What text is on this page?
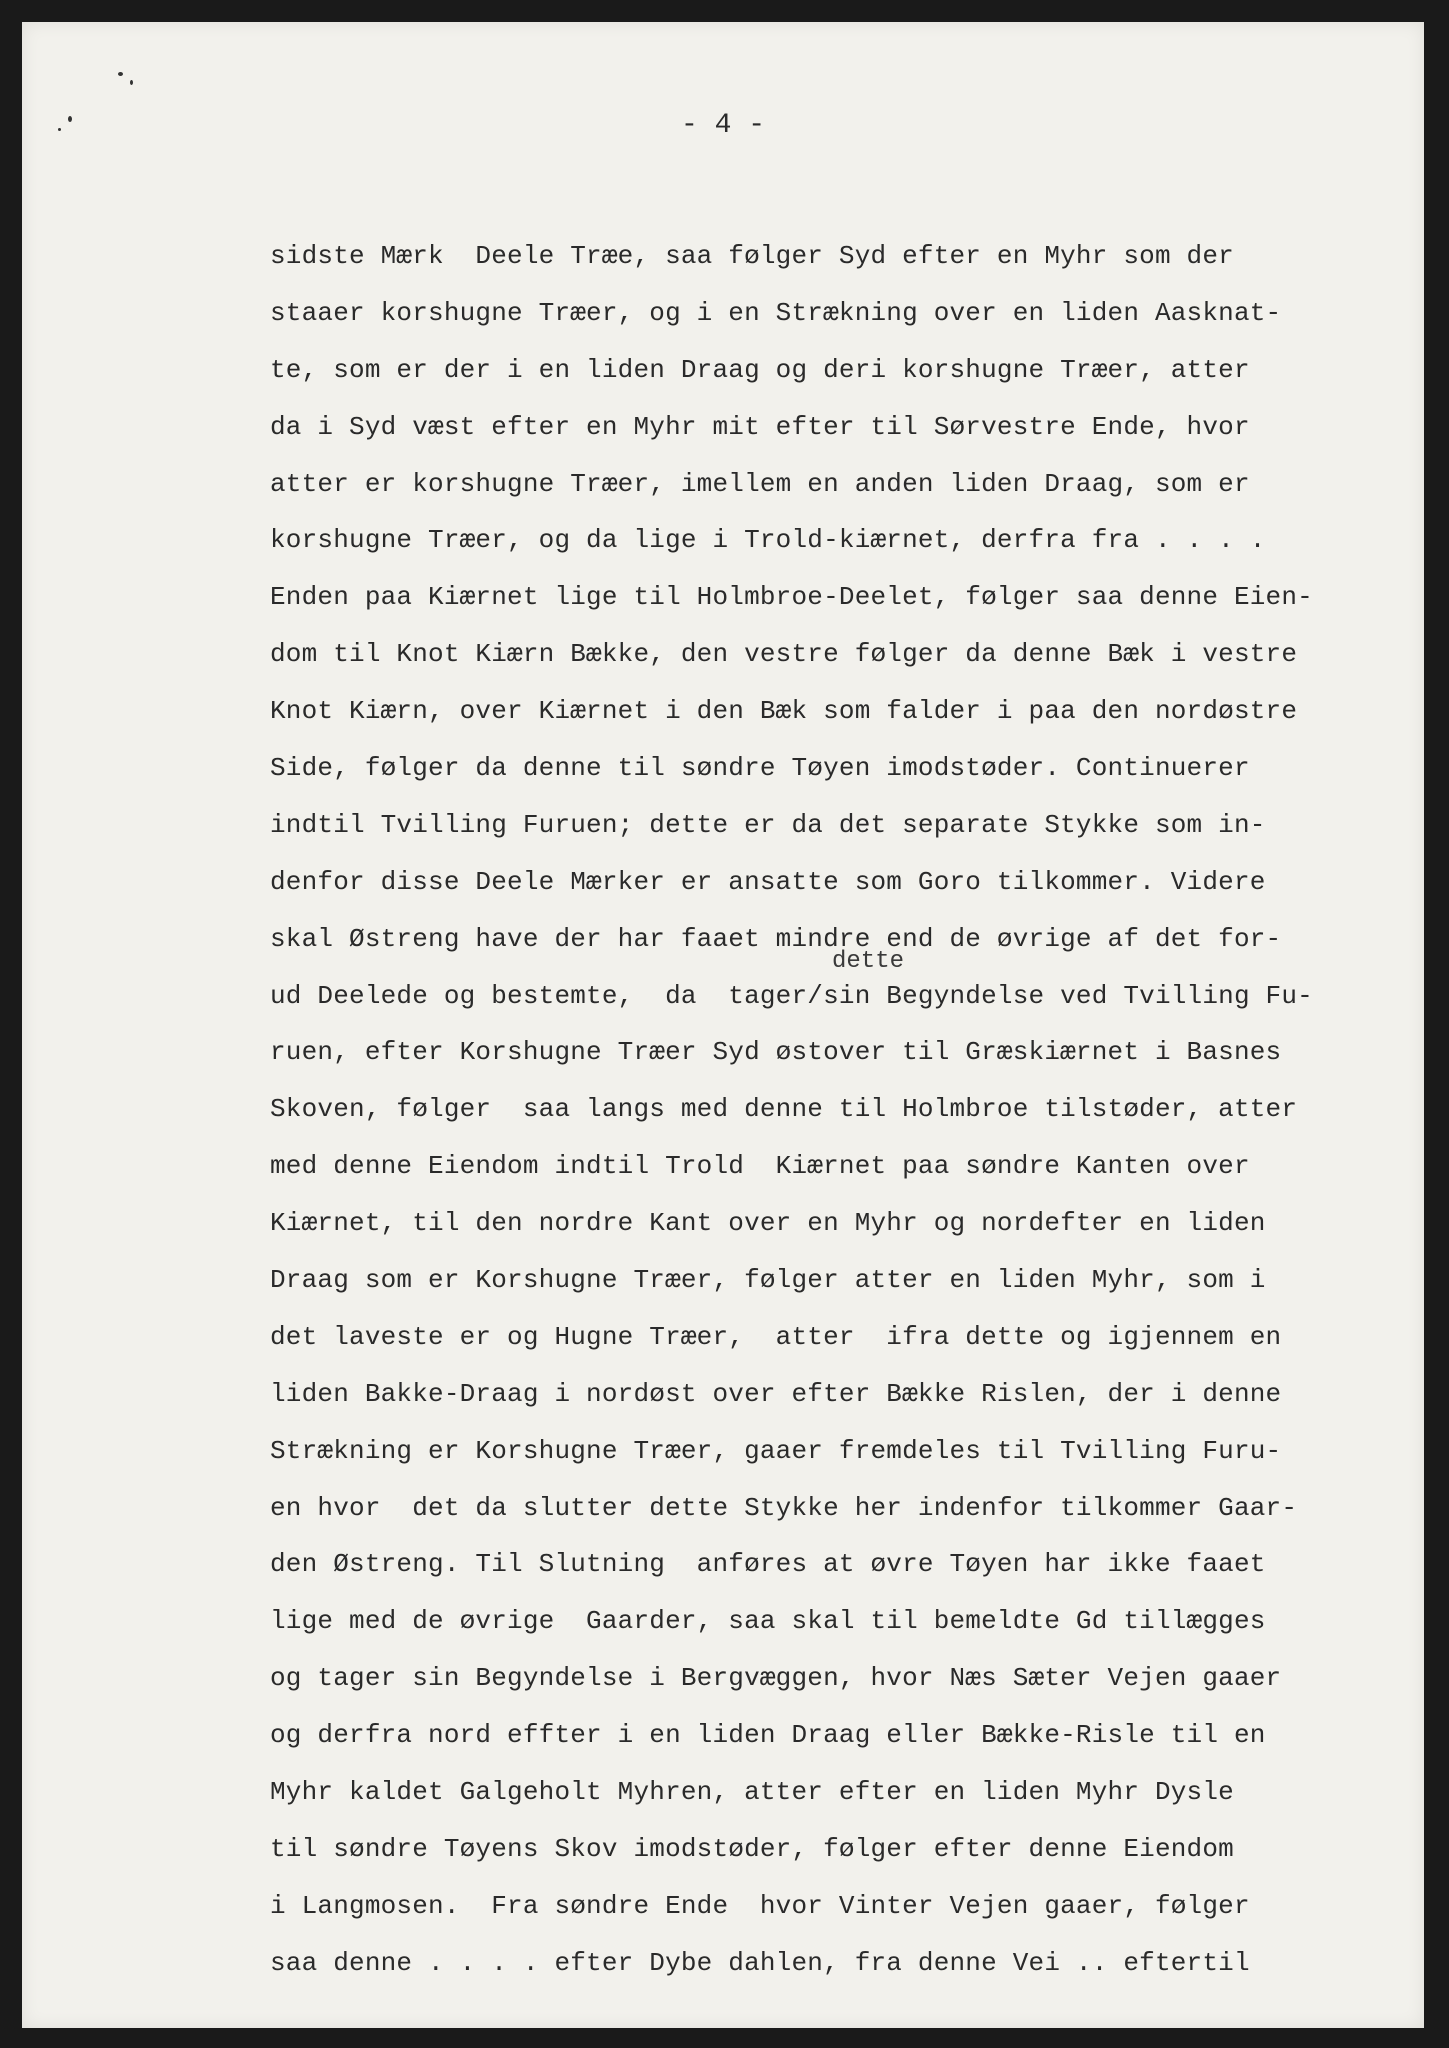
- 4 -
dette
sidste Mærk  Deele Træe, saa følger Syd efter en Myhr som der
staaer korshugne Træer, og i en Strækning over en liden Aasknat-
te, som er der i en liden Draag og deri korshugne Træer, atter
da i Syd væst efter en Myhr mit efter til Sørvestre Ende, hvor
atter er korshugne Træer, imellem en anden liden Draag, som er
korshugne Træer, og da lige i Trold-kiærnet, derfra fra . . . .
Enden paa Kiærnet lige til Holmbroe-Deelet, følger saa denne Eien-
dom til Knot Kiærn Bække, den vestre følger da denne Bæk i vestre
Knot Kiærn, over Kiærnet i den Bæk som falder i paa den nordøstre
Side, følger da denne til søndre Tøyen imodstøder. Continuerer
indtil Tvilling Furuen; dette er da det separate Stykke som in-
denfor disse Deele Mærker er ansatte som Goro tilkommer. Videre
skal Østreng have der har faaet mindre end de øvrige af det for-
ud Deelede og bestemte,  da  tager/sin Begyndelse ved Tvilling Fu-
ruen, efter Korshugne Træer Syd østover til Græskiærnet i Basnes
Skoven, følger  saa langs med denne til Holmbroe tilstøder, atter
med denne Eiendom indtil Trold  Kiærnet paa søndre Kanten over
Kiærnet, til den nordre Kant over en Myhr og nordefter en liden
Draag som er Korshugne Træer, følger atter en liden Myhr, som i
det laveste er og Hugne Træer,  atter  ifra dette og igjennem en
liden Bakke-Draag i nordøst over efter Bække Rislen, der i denne
Strækning er Korshugne Træer, gaaer fremdeles til Tvilling Furu-
en hvor  det da slutter dette Stykke her indenfor tilkommer Gaar-
den Østreng. Til Slutning  anføres at øvre Tøyen har ikke faaet
lige med de øvrige  Gaarder, saa skal til bemeldte Gd tillægges
og tager sin Begyndelse i Bergvæggen, hvor Næs Sæter Vejen gaaer
og derfra nord effter i en liden Draag eller Bække-Risle til en
Myhr kaldet Galgeholt Myhren, atter efter en liden Myhr Dysle
til søndre Tøyens Skov imodstøder, følger efter denne Eiendom
i Langmosen.  Fra søndre Ende  hvor Vinter Vejen gaaer, følger
saa denne . . . . efter Dybe dahlen, fra denne Vei .. eftertil
